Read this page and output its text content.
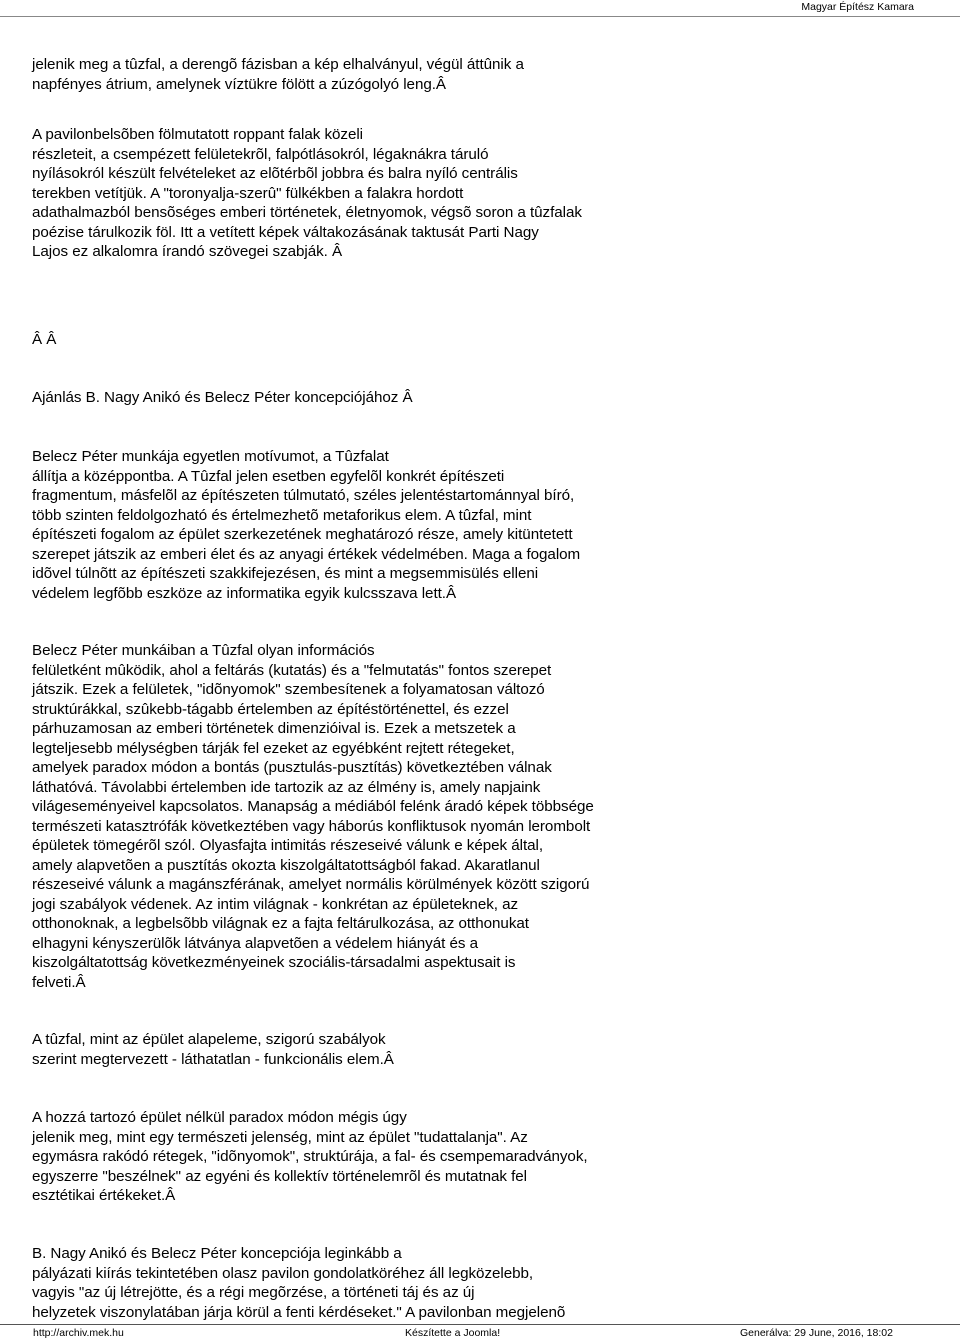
Magyar Építész Kamara
jelenik meg a tûzfal, a derengõ fázisban a kép elhalványul, végül áttûnik a
napfényes átrium, amelynek víztükre fölött a zúzógolyó leng.Â
A pavilonbelsõben fölmutatott roppant falak közeli
részleteit, a csempézett felületekrõl, falpótlásokról, légaknákra táruló
nyílásokról készült felvételeket az elõtérbõl jobbra és balra nyíló centrális
terekben vetítjük. A "toronyalja-szerû" fülkékben a falakra hordott
adathalmazból bensõséges emberi történetek, életnyomok, végsõ soron a tûzfalak
poézise tárulkozik föl. Itt a vetített képek váltakozásának taktusát Parti Nagy
Lajos ez alkalomra írandó szövegei szabják. Â
Â Â
Ajánlás B. Nagy Anikó és Belecz Péter koncepciójához Â
Belecz Péter munkája egyetlen motívumot, a Tûzfalat
állítja a középpontba. A Tûzfal jelen esetben egyfelõl konkrét építészeti
fragmentum, másfelõl az építészeten túlmutató, széles jelentéstartománnyal bíró,
több szinten feldolgozható és értelmezhetõ metaforikus elem. A tûzfal, mint
építészeti fogalom az épület szerkezetének meghatározó része, amely kitüntetett
szerepet játszik az emberi élet és az anyagi értékek védelmében. Maga a fogalom
idõvel túlnõtt az építészeti szakkifejezésen, és mint a megsemmisülés elleni
védelem legfõbb eszköze az informatika egyik kulcsszava lett.Â
Belecz Péter munkáiban a Tûzfal olyan információs
felületként mûködik, ahol a feltárás (kutatás) és a "felmutatás" fontos szerepet
játszik. Ezek a felületek, "idõnyomok" szembesítenek a folyamatosan változó
struktúrákkal, szûkebb-tágabb értelemben az építéstörténettel, és ezzel
párhuzamosan az emberi történetek dimenzióival is. Ezek a metszetek a
legteljesebb mélységben tárják fel ezeket az egyébként rejtett rétegeket,
amelyek paradox módon a bontás (pusztulás-pusztítás) következtében válnak
láthatóvá. Távolabbi értelemben ide tartozik az az élmény is, amely napjaink
világeseményeivel kapcsolatos. Manapság a médiából felénk áradó képek többsége
természeti katasztrófák következtében vagy háborús konfliktusok nyomán lerombolt
épületek tömegérõl szól. Olyasfajta intimitás részeseivé válunk e képek által,
amely alapvetõen a pusztítás okozta kiszolgáltatottságból fakad. Akaratlanul
részeseivé válunk a magánszférának, amelyet normális körülmények között szigorú
jogi szabályok védenek. Az intim világnak - konkrétan az épületeknek, az
otthonoknak, a legbelsõbb világnak ez a fajta feltárulkozása, az otthonukat
elhagyni kényszerülõk látványa alapvetõen a védelem hiányát és a
kiszolgáltatottság következményeinek szociális-társadalmi aspektusait is
felveti.Â
A tûzfal, mint az épület alapeleme, szigorú szabályok
szerint megtervezett - láthatatlan - funkcionális elem.Â
A hozzá tartozó épület nélkül paradox módon mégis úgy
jelenik meg, mint egy természeti jelenség, mint az épület "tudattalanja". Az
egymásra rakódó rétegek, "idõnyomok", struktúrája, a fal- és csempemaradványok,
egyszerre "beszélnek" az egyéni és kollektív történelemrõl és mutatnak fel
esztétikai értékeket.Â
B. Nagy Anikó és Belecz Péter koncepciója leginkább a
pályázati kiírás tekintetében olasz pavilon gondolatköréhez áll legközelebb,
vagyis "az új létrejötte, és a régi megõrzése, a történeti táj és az új
helyzetek viszonylatában járja körül a fenti kérdéseket." A pavilonban megjelenõ
http://archiv.mek.hu	Készítette a Joomla!	Generálva: 29 June, 2016, 18:02
